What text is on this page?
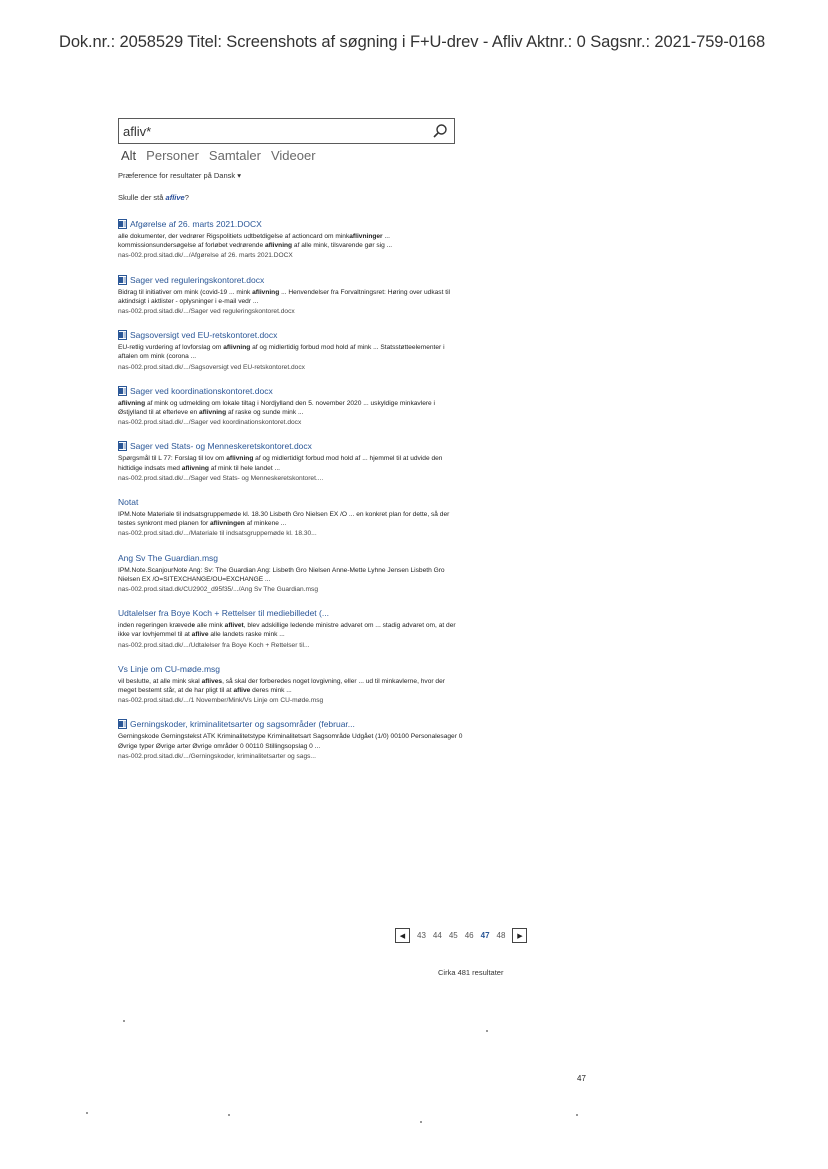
Dok.nr.: 2058529 Titel: Screenshots af søgning i F+U-drev - Afliv Aktnr.: 0 Sagsnr.: 2021-759-0168
afliv*
Alt Personer Samtaler Videoer
Præference for resultater på Dansk ▾
Skulle der stå aflive?
Afgørelse af 26. marts 2021.DOCX
alle dokumenter, der vedrører Rigspolitiets udtbetdigelse af actioncard om minkaflivninger ... kommissionsundersøgelse af forløbet vedrørende aflivning af alle mink, tilsvarende gør sig ...
nas-002.prod.sitad.dk/.../Afgørelse af 26. marts 2021.DOCX
Sager ved reguleringskontoret.docx
Bidrag til initiativer om mink (covid-19 ... mink aflivning ... Henvendelser fra Forvaltningsret: Høring over udkast til aktindsigt i aktlister - oplysninger i e-mail vedr ...
nas-002.prod.sitad.dk/.../Sager ved reguleringskontoret.docx
Sagsoversigt ved EU-retskontoret.docx
EU-retlig vurdering af lovforslag om aflivning af og midlertidig forbud mod hold af mink ... Statsstøtteelementer i aftalen om mink (corona ...
nas-002.prod.sitad.dk/.../Sagsoversigt ved EU-retskontoret.docx
Sager ved koordinationskontoret.docx
aflivning af mink og udmelding om lokale tiltag i Nordjylland den 5. november 2020 ... uskyldige minkavlere i Østjylland til at efterleve en aflivning af raske og sunde mink ...
nas-002.prod.sitad.dk/.../Sager ved koordinationskontoret.docx
Sager ved Stats- og Menneskeretskontoret.docx
Spørgsmål til L 77: Forslag til lov om aflivning af og midlertidigt forbud mod hold af ... hjemmel til at udvide den hidtidige indsats med aflivning af mink til hele landet ...
nas-002.prod.sitad.dk/.../Sager ved Stats- og Menneskeretskontoret....
Notat
IPM.Note Materiale til indsatsgruppemøde kl. 18.30 Lisbeth Gro Nielsen EX /O ... en konkret plan for dette, så der testes synkront med planen for aflivningen af minkene ...
nas-002.prod.sitad.dk/.../Materiale til indsatsgruppemøde kl. 18.30...
Ang Sv The Guardian.msg
IPM.Note.ScanjourNote Ang: Sv: The Guardian Ang: Lisbeth Gro Nielsen Anne-Mette Lyhne Jensen Lisbeth Gro Nielsen EX /O=SITEXCHANGE/OU=EXCHANGE ...
nas-002.prod.sitad.dk/CU2902_d95f35/.../Ang Sv The Guardian.msg
Udtalelser fra Boye Koch + Rettelser til mediebilledet (...
inden regeringen krævede alle mink aflivet, blev adskillige ledende ministre advaret om ... stadig advaret om, at der ikke var lovhjemmel til at aflive alle landets raske mink ...
nas-002.prod.sitad.dk/.../Udtalelser fra Boye Koch + Rettelser til...
Vs Linje om CU-møde.msg
vil beslutte, at alle mink skal aflives, så skal der forberedes noget lovgivning, eller ... ud til minkavlerne, hvor der meget bestemt står, at de har pligt til at aflive deres mink ...
nas-002.prod.sitad.dk/.../1 November/Mink/Vs Linje om CU-møde.msg
Gerningskoder, kriminalitetsarter og sagsområder (februar...
Gerningskode Gerningstekst ATK Kriminalitetstype Kriminalitetsart Sagsområde Udgået (1/0) 00100 Personalesager 0 Øvrige typer Øvrige arter Øvrige områder 0 00110 Stillingsopslag 0 ...
nas-002.prod.sitad.dk/.../Gerningskoder, kriminalitetsarter og sags...
◀	43 44 45 46 47 48	▶
Cirka 481 resultater
47
